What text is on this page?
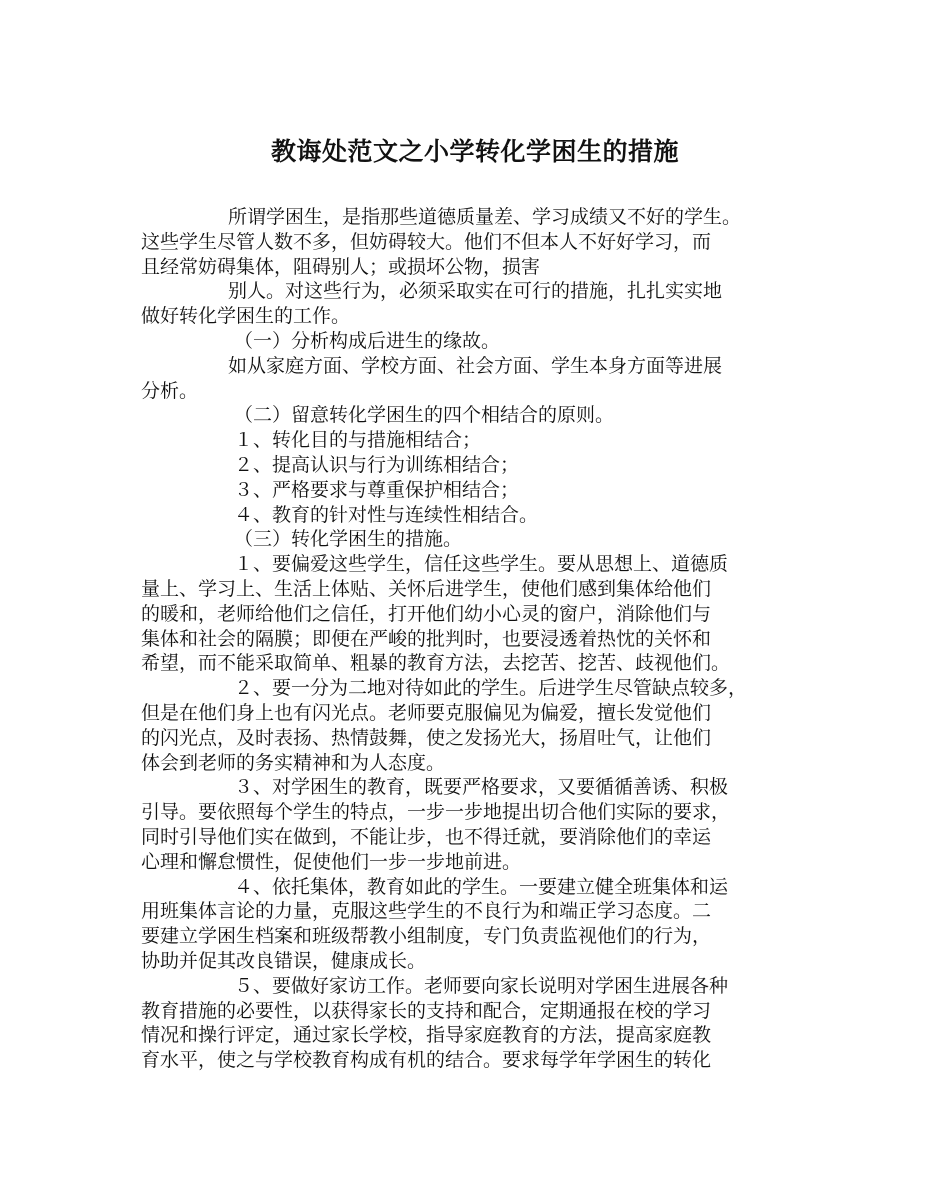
教诲处范文之小学转化学困生的措施
所谓学困生，是指那些道德质量差、学习成绩又不好的学生。
这些学生尽管人数不多，但妨碍较大。他们不但本人不好好学习，而
且经常妨碍集体，阻碍别人；或损坏公物，损害
别人。对这些行为，必须采取实在可行的措施，扎扎实实地
做好转化学困生的工作。
（一）分析构成后进生的缘故。
如从家庭方面、学校方面、社会方面、学生本身方面等进展
分析。
（二）留意转化学困生的四个相结合的原则。
１、转化目的与措施相结合；
２、提高认识与行为训练相结合；
３、严格要求与尊重保护相结合；
４、教育的针对性与连续性相结合。
（三）转化学困生的措施。
１、要偏爱这些学生，信任这些学生。要从思想上、道德质
量上、学习上、生活上体贴、关怀后进学生，使他们感到集体给他们
的暖和，老师给他们之信任，打开他们幼小心灵的窗户，消除他们与
集体和社会的隔膜；即便在严峻的批判时，也要浸透着热忱的关怀和
希望，而不能采取简单、粗暴的教育方法，去挖苦、挖苦、歧视他们。
２、要一分为二地对待如此的学生。后进学生尽管缺点较多，
但是在他们身上也有闪光点。老师要克服偏见为偏爱，擅长发觉他们
的闪光点，及时表扬、热情鼓舞，使之发扬光大，扬眉吐气，让他们
体会到老师的务实精神和为人态度。
３、对学困生的教育，既要严格要求，又要循循善诱、积极
引导。要依照每个学生的特点，一步一步地提出切合他们实际的要求，
同时引导他们实在做到，不能让步，也不得迁就，要消除他们的幸运
心理和懈怠惯性，促使他们一步一步地前进。
４、依托集体，教育如此的学生。一要建立健全班集体和运
用班集体言论的力量，克服这些学生的不良行为和端正学习态度。二
要建立学困生档案和班级帮教小组制度，专门负责监视他们的行为，
协助并促其改良错误，健康成长。
５、要做好家访工作。老师要向家长说明对学困生进展各种
教育措施的必要性，以获得家长的支持和配合，定期通报在校的学习
情况和操行评定，通过家长学校，指导家庭教育的方法，提高家庭教
育水平，使之与学校教育构成有机的结合。要求每学年学困生的转化
